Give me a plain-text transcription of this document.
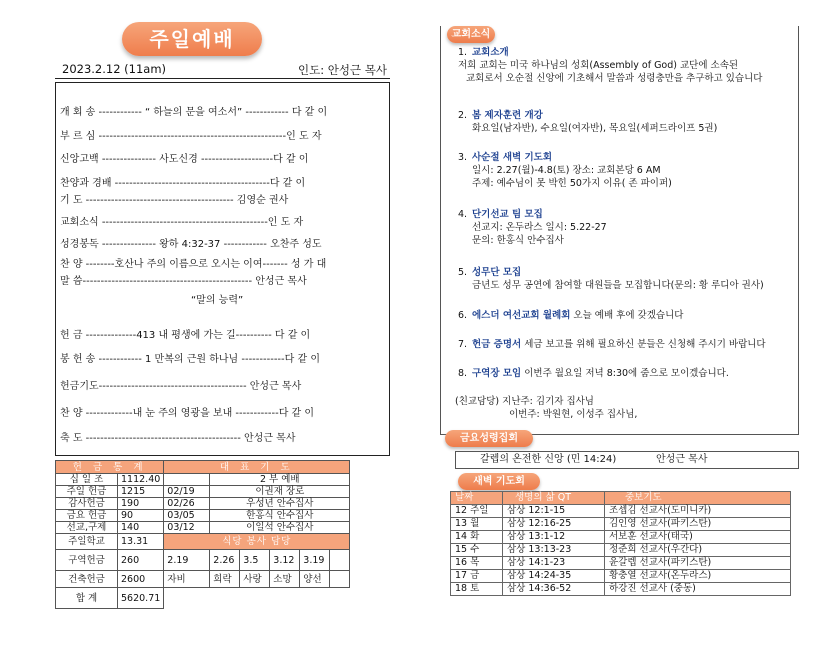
주일예배
2023.2.12 (11am)	인도: 안성근 목사
개 회 송 ------------ “ 하늘의 문을 여소서” ------------ 다 같 이
부 르 심 ----------------------------------------------------인 도 자
신앙고백 --------------- 사도신경 --------------------다 같 이
찬양과 경배 -------------------------------------------다 같 이
기 도 ----------------------------------------- 김영순 권사
교회소식 ----------------------------------------------인 도 자
성경봉독 --------------- 왕하 4:32-37 ------------ 오찬주 성도
찬 양 --------호산나 주의 이름으로 오시는 이여------- 성 가 대
말 씀----------------------------------------------- 안성근 목사
“말의 능력”
헌 금 --------------413 내 평생에 가는 길---------- 다 같 이
봉 헌 송 ------------ 1 만복의 근원 하나님 ------------다 같 이
헌금기도----------------------------------------- 안성근 목사
찬 양 -------------내 눈 주의 영광을 보내 ------------다 같 이
축 도 ------------------------------------------- 안성근 목사
헌 금 통 계		대 표 기 도					
십 일 조	1112.40		2 부 예배				
주일 헌금	1215	02/19	이권재 장로				
감사헌금	190	02/26	우성년 안수집사				
금요 헌금	90	03/05	한홍식 안수집사				
선교,구제	140	03/12	이일석 안수집사				
주일학교	13.31	식당 봉사 담당					
구역헌금	260	2.19	2.26	3.5	3.12	3.19	
건축헌금	2600	자비	희락	사랑	소망	양선	
합 계	5620.71						
교회소식
1. 교회소개
저희 교회는 미국 하나님의 성회(Assembly of God) 교단에 소속된
교회로서 오순절 신앙에 기초해서 말씀과 성령충만을 추구하고 있습니다
2. 봄 제자훈련 개강
화요일(남자반), 수요일(여자반), 목요일(세퍼드라이프 5권)
3. 사순절 새벽 기도회
일시: 2.27(월)-4.8(토) 장소: 교회본당 6 AM
주제: 예수님이 못 박힌 50가지 이유( 존 파이퍼)
4. 단기선교 팀 모집
선교지: 온두라스 일시: 5.22-27
문의: 한홍식 안수집사
5. 성무단 모집
금년도 성무 공연에 참여할 대원들을 모집합니다(문의: 황 루디아 권사)
6. 에스더 여선교회 월례회 오늘 예배 후에 갖겠습니다
7. 헌금 증명서 세금 보고를 위해 필요하신 분들은 신청해 주시기 바랍니다
8. 구역장 모임 이번주 월요일 저녁 8:30에 줌으로 모이겠습니다.
(친교담당) 지난주: 김기자 집사님
이번주: 박원현, 이성주 집사님,
금요성령집회
갈렙의 온전한 신앙 (민 14:24)	안성근 목사
새벽 기도회
날짜	생명의 삶 QT	중보기도
12 주일	삼상 12:1-15	조셉김 선교사(도미니카)
13 월	삼상 12:16-25	김인영 선교사(파키스탄)
14 화	삼상 13:1-12	서보훈 선교사(태국)
15 수	삼상 13:13-23	정준희 선교사(우간다)
16 목	삼상 14:1-23	윤갈렙 선교사(파키스탄)
17 금	삼상 14:24-35	황충열 선교사(온두라스)
18 토	삼상 14:36-52	하강진 선교사 (중동)
